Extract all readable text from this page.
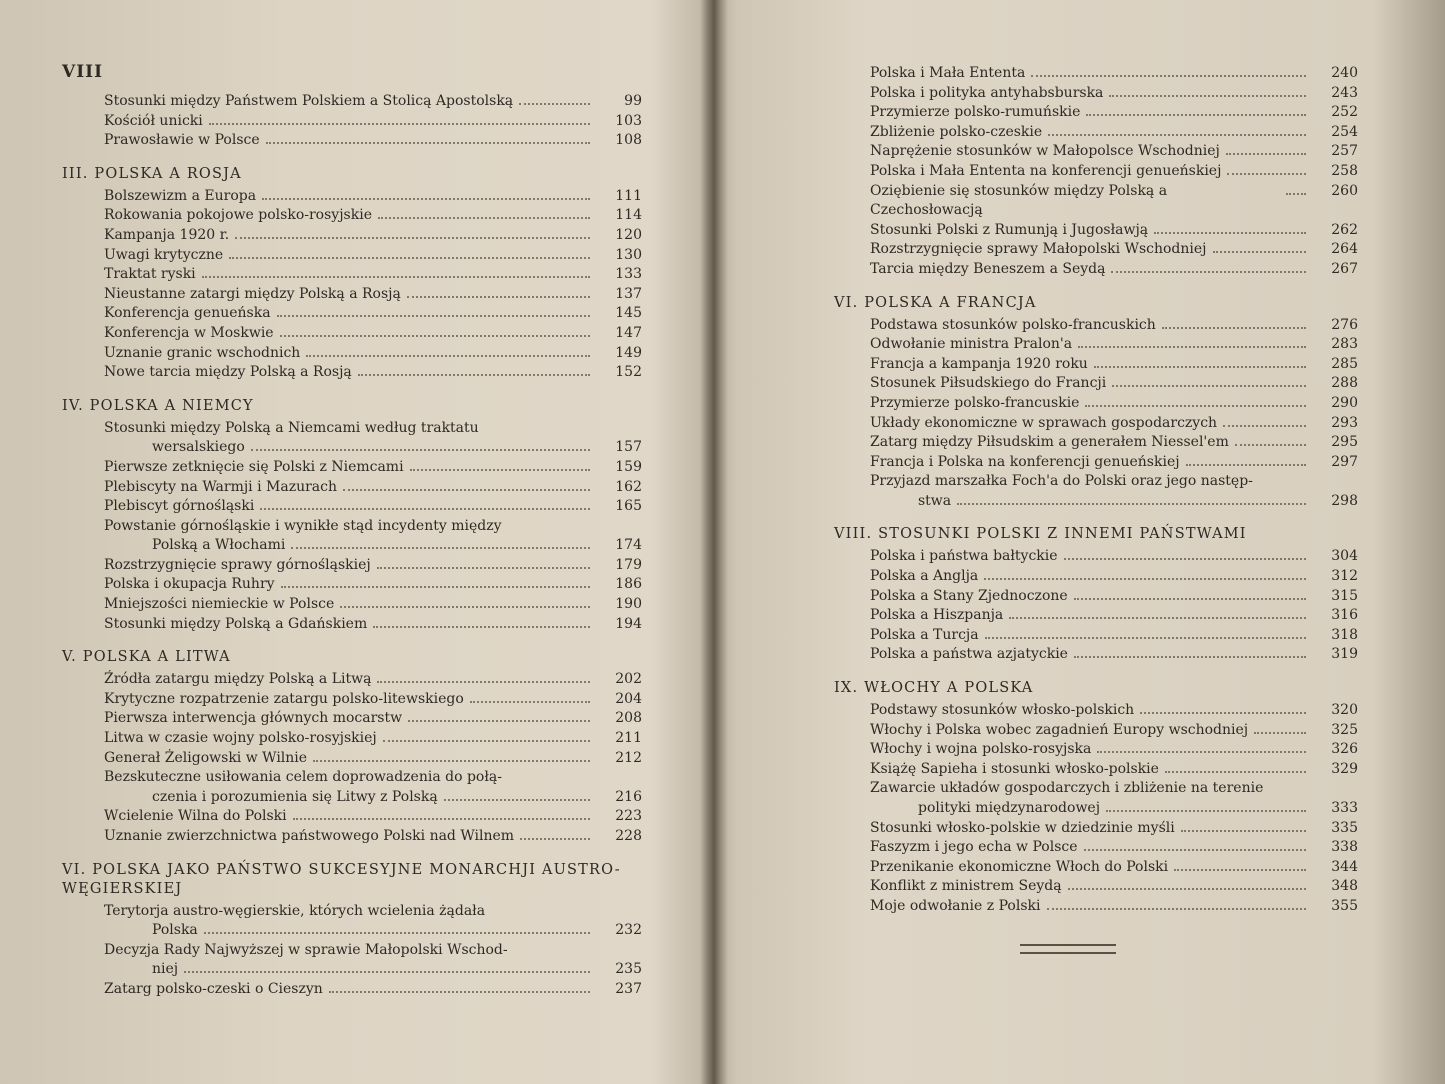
VIII
Stosunki między Państwem Polskiem a Stolicą Apostolską	99
Kościół unicki	103
Prawosławie w Polsce	108
III. POLSKA A ROSJA
Bolszewizm a Europa	111
Rokowania pokojowe polsko-rosyjskie	114
Kampanja 1920 r.	120
Uwagi krytyczne	130
Traktat ryski	133
Nieustanne zatargi między Polską a Rosją	137
Konferencja genueńska	145
Konferencja w Moskwie	147
Uznanie granic wschodnich	149
Nowe tarcia między Polską a Rosją	152
IV. POLSKA A NIEMCY
Stosunki między Polską a Niemcami według traktatu
wersalskiego	157
Pierwsze zetknięcie się Polski z Niemcami	159
Plebiscyty na Warmji i Mazurach	162
Plebiscyt górnośląski	165
Powstanie górnośląskie i wynikłe stąd incydenty między
Polską a Włochami	174
Rozstrzygnięcie sprawy górnośląskiej	179
Polska i okupacja Ruhry	186
Mniejszości niemieckie w Polsce	190
Stosunki między Polską a Gdańskiem	194
V. POLSKA A LITWA
Źródła zatargu między Polską a Litwą	202
Krytyczne rozpatrzenie zatargu polsko-litewskiego	204
Pierwsza interwencja głównych mocarstw	208
Litwa w czasie wojny polsko-rosyjskiej	211
Generał Żeligowski w Wilnie	212
Bezskuteczne usiłowania celem doprowadzenia do połą-
czenia i porozumienia się Litwy z Polską	216
Wcielenie Wilna do Polski	223
Uznanie zwierzchnictwa państwowego Polski nad Wilnem	228
VI. POLSKA JAKO PAŃSTWO SUKCESYJNE MONARCHJI AUSTRO-WĘGIERSKIEJ
Terytorja austro-węgierskie, których wcielenia żądała
Polska	232
Decyzja Rady Najwyższej w sprawie Małopolski Wschod-
niej	235
Zatarg polsko-czeski o Cieszyn	237
Polska i Mała Ententa	240
Polska i polityka antyhabsburska	243
Przymierze polsko-rumuńskie	252
Zbliżenie polsko-czeskie	254
Naprężenie stosunków w Małopolsce Wschodniej	257
Polska i Mała Ententa na konferencji genueńskiej	258
Oziębienie się stosunków między Polską a Czechosłowacją
260
Stosunki Polski z Rumunją i Jugosławją	262
Rozstrzygnięcie sprawy Małopolski Wschodniej	264
Tarcia między Beneszem a Seydą	267
VI. POLSKA A FRANCJA
Podstawa stosunków polsko-francuskich	276
Odwołanie ministra Pralon'a	283
Francja a kampanja 1920 roku	285
Stosunek Piłsudskiego do Francji	288
Przymierze polsko-francuskie	290
Układy ekonomiczne w sprawach gospodarczych	293
Zatarg między Piłsudskim a generałem Niessel'em	295
Francja i Polska na konferencji genueńskiej	297
Przyjazd marszałka Foch'a do Polski oraz jego następ-
stwa	298
VIII. STOSUNKI POLSKI Z INNEMI PAŃSTWAMI
Polska i państwa bałtyckie	304
Polska a Anglja	312
Polska a Stany Zjednoczone	315
Polska a Hiszpanja	316
Polska a Turcja	318
Polska a państwa azjatyckie	319
IX. WŁOCHY A POLSKA
Podstawy stosunków włosko-polskich	320
Włochy i Polska wobec zagadnień Europy wschodniej	325
Włochy i wojna polsko-rosyjska	326
Książę Sapieha i stosunki włosko-polskie	329
Zawarcie układów gospodarczych i zbliżenie na terenie
polityki międzynarodowej	333
Stosunki włosko-polskie w dziedzinie myśli	335
Faszyzm i jego echa w Polsce	338
Przenikanie ekonomiczne Włoch do Polski	344
Konflikt z ministrem Seydą	348
Moje odwołanie z Polski	355
